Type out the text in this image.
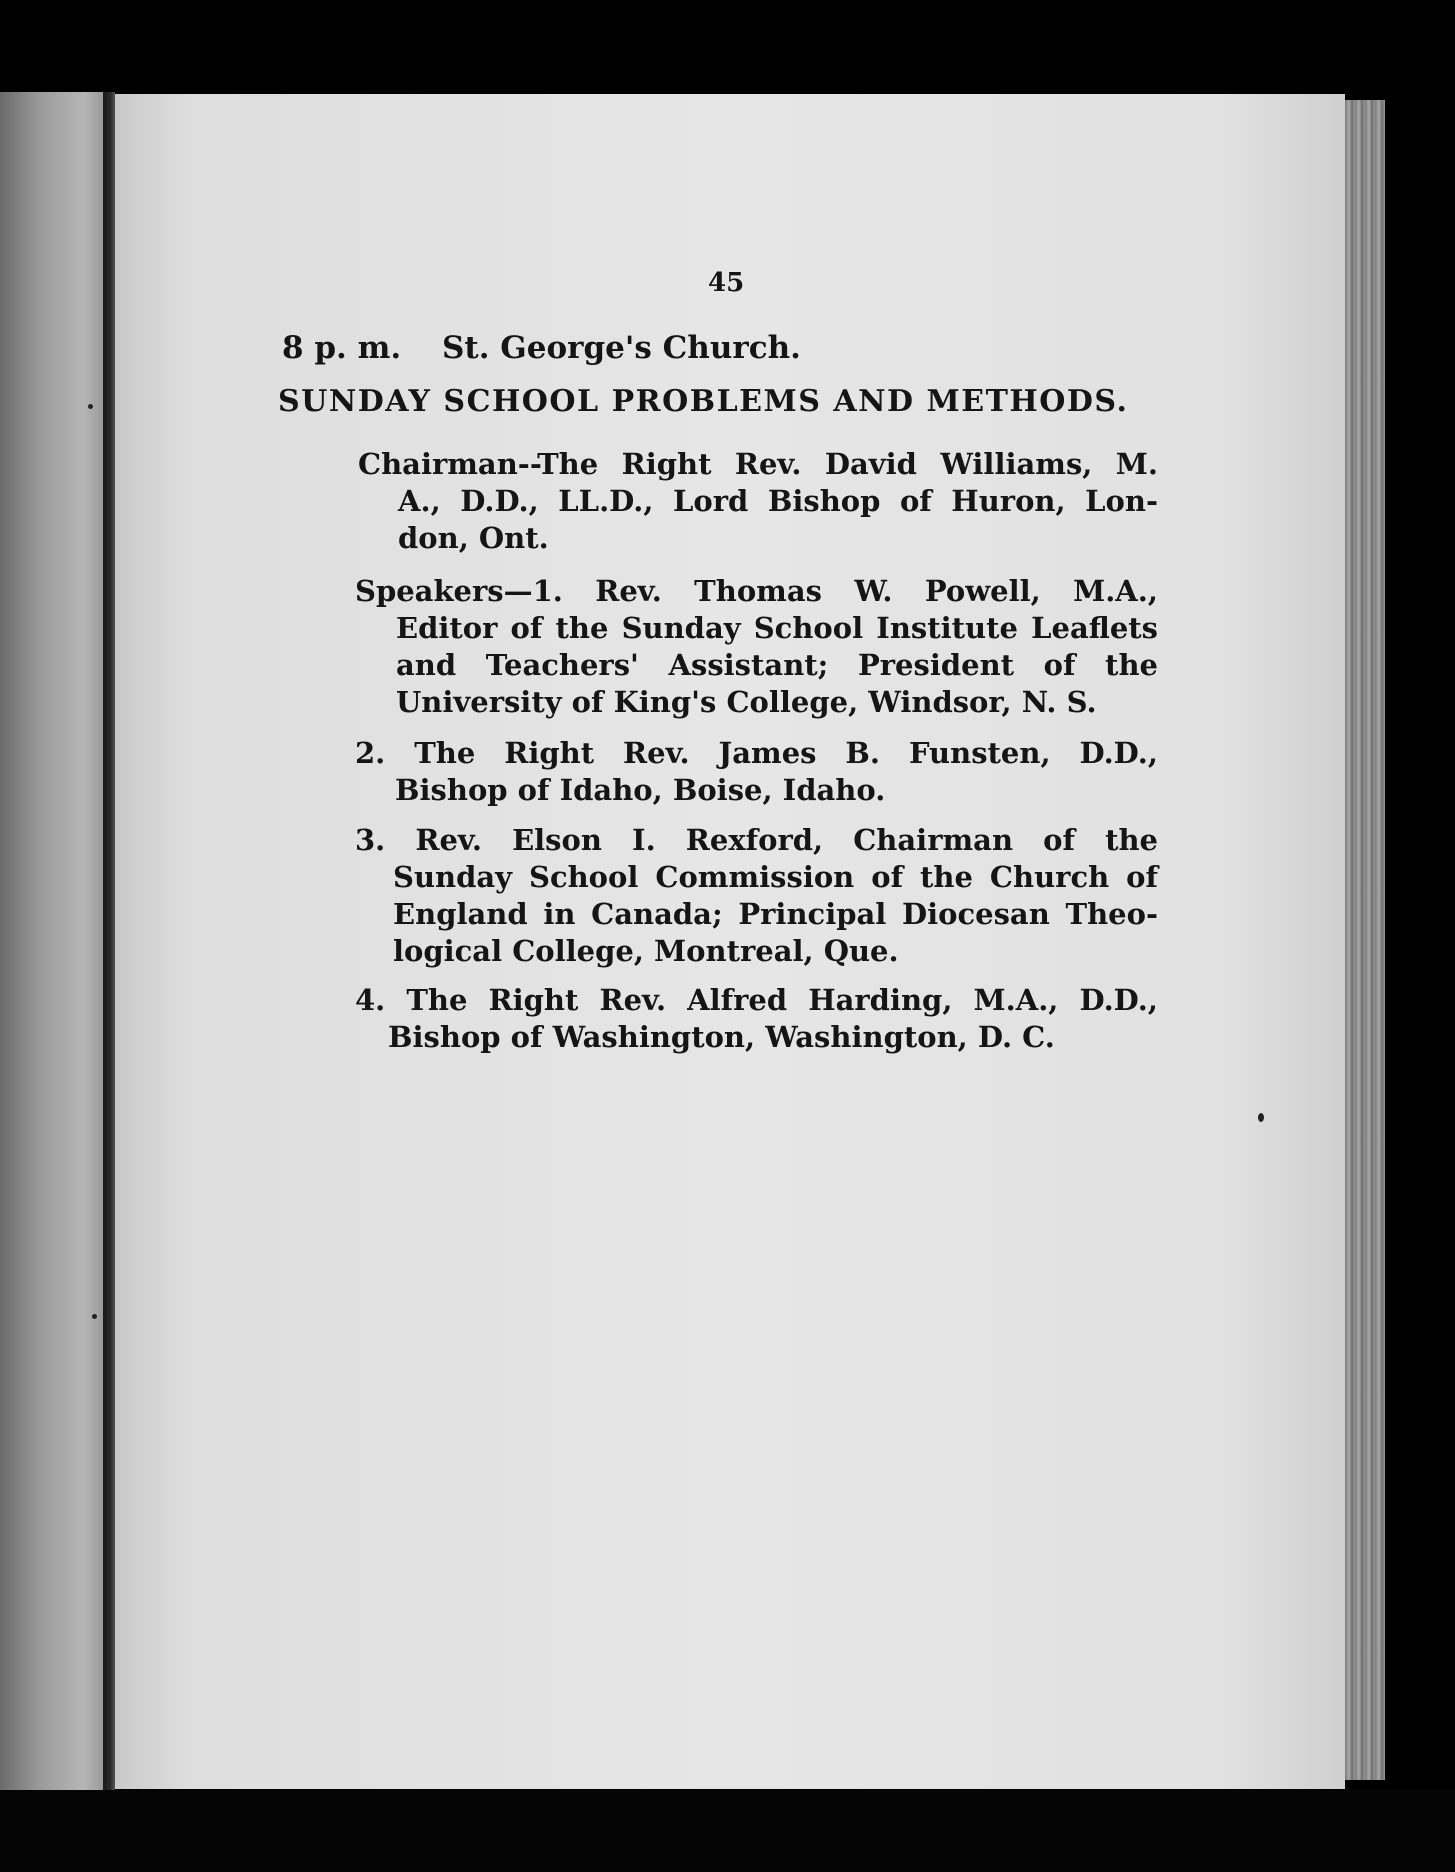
45
8 p. m. St. George's Church.
SUNDAY SCHOOL PROBLEMS AND METHODS.
Chairman--The Right Rev. David Williams, M.
A., D.D., LL.D., Lord Bishop of Huron, Lon-
don, Ont.
Speakers—1. Rev. Thomas W. Powell, M.A.,
Editor of the Sunday School Institute Leaflets
and Teachers' Assistant; President of the
University of King's College, Windsor, N. S.
2. The Right Rev. James B. Funsten, D.D.,
Bishop of Idaho, Boise, Idaho.
3. Rev. Elson I. Rexford, Chairman of the
Sunday School Commission of the Church of
England in Canada; Principal Diocesan Theo-
logical College, Montreal, Que.
4. The Right Rev. Alfred Harding, M.A., D.D.,
Bishop of Washington, Washington, D. C.
